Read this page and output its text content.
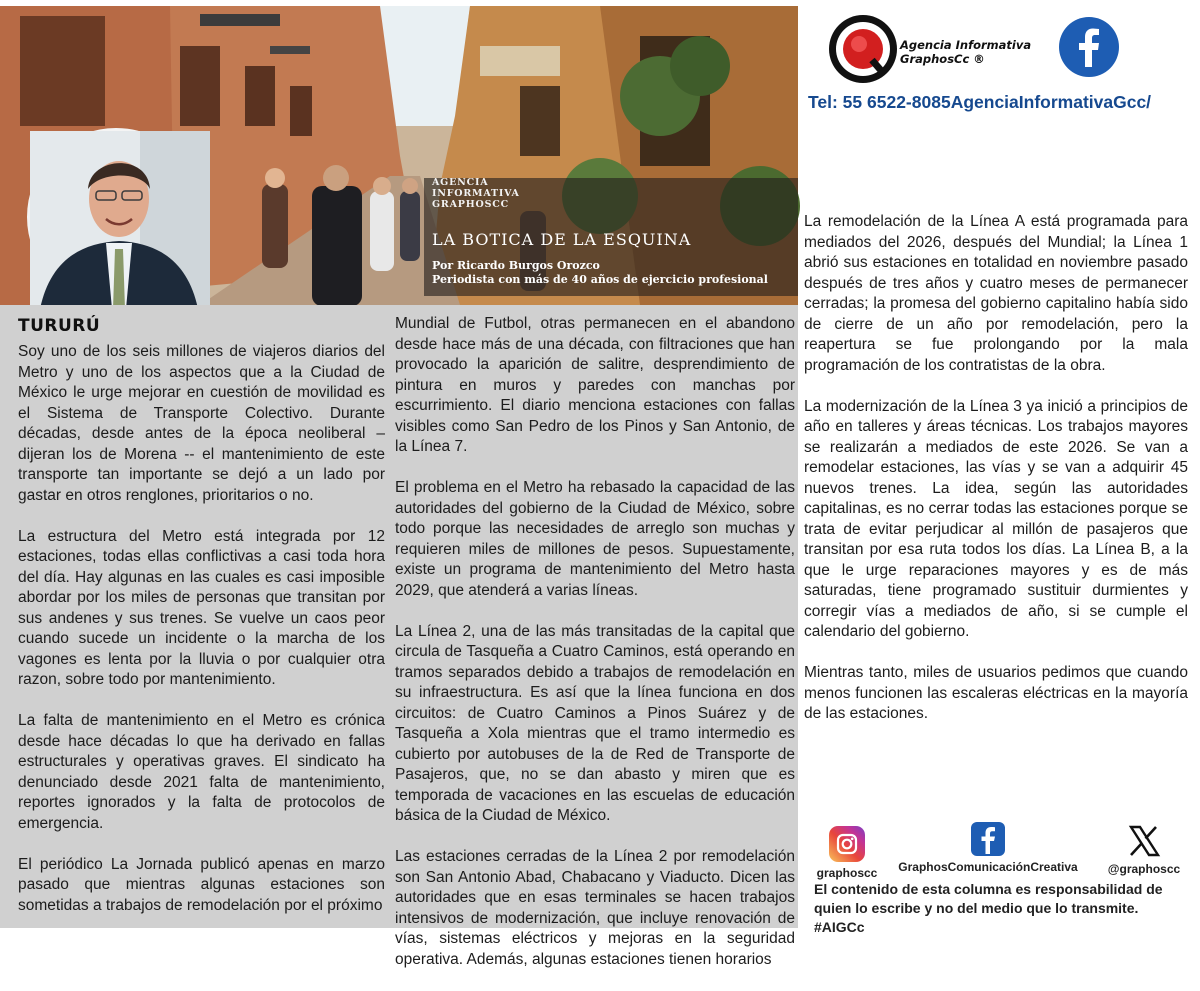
AGENCIA
INFORMATIVA
GRAPHOSCC
LA BOTICA DE LA ESQUINA
Por Ricardo Burgos Orozco
Periodista con más de 40 años de ejercicio profesional
TURURÚ

Soy uno de los seis millones de viajeros diarios del Metro y uno de los aspectos que a la Ciudad de México le urge mejorar en cuestión de movilidad es el Sistema de Transporte Colectivo. Durante décadas, desde antes de la época neoliberal – dijeran los de Morena -- el mantenimiento de este transporte tan importante se dejó a un lado por gastar en otros renglones, prioritarios o no.

La estructura del Metro está integrada por 12 estaciones, todas ellas conflictivas a casi toda hora del día. Hay algunas en las cuales es casi imposible abordar por los miles de personas que transitan por sus andenes y sus trenes. Se vuelve un caos peor cuando sucede un incidente o la marcha de los vagones es lenta por la lluvia o por cualquier otra razon, sobre todo por mantenimiento.

La falta de mantenimiento en el Metro es crónica desde hace décadas lo que ha derivado en fallas estructurales y operativas graves. El sindicato ha denunciado desde 2021 falta de mantenimiento, reportes ignorados y la falta de protocolos de emergencia.

El periódico La Jornada publicó apenas en marzo pasado que mientras algunas estaciones son sometidas a trabajos de remodelación por el próximo

Mundial de Futbol, otras permanecen en el abandono desde hace más de una década, con filtraciones que han provocado la aparición de salitre, desprendimiento de pintura en muros y paredes con manchas por escurrimiento. El diario menciona estaciones con fallas visibles como San Pedro de los Pinos y San Antonio, de la Línea 7.

El problema en el Metro ha rebasado la capacidad de las autoridades del gobierno de la Ciudad de México, sobre todo porque las necesidades de arreglo son muchas y requieren miles de millones de pesos. Supuestamente, existe un programa de mantenimiento del Metro hasta 2029, que atenderá a varias líneas.

La Línea 2, una de las más transitadas de la capital que circula de Tasqueña a Cuatro Caminos, está operando en tramos separados debido a trabajos de remodelación en su infraestructura. Es así que la línea funciona en dos circuitos: de Cuatro Caminos a Pinos Suárez y de Tasqueña a Xola mientras que el tramo intermedio es cubierto por autobuses de la de Red de Transporte de Pasajeros, que, no se dan abasto y miren que es temporada de vacaciones en las escuelas de educación básica de la Ciudad de México.

Las estaciones cerradas de la Línea 2 por remodelación son San Antonio Abad, Chabacano y Viaducto. Dicen las autoridades que en esas terminales se hacen trabajos intensivos de modernización, que incluye renovación de vías, sistemas eléctricos y mejoras en la seguridad operativa. Además, algunas estaciones tienen horarios

Agencia Informativa
GraphosCc ®
Tel: 55 6522-8085AgenciaInformativaGcc/

La remodelación de la Línea A está programada para mediados del 2026, después del Mundial; la Línea 1 abrió sus estaciones en totalidad en noviembre pasado después de tres años y cuatro meses de permanecer cerradas; la promesa del gobierno capitalino había sido de cierre de un año por remodelación, pero la reapertura se fue prolongando por la mala programación de los contratistas de la obra.

La modernización de la Línea 3 ya inició a principios de año en talleres y áreas técnicas. Los trabajos mayores se realizarán a mediados de este 2026. Se van a remodelar estaciones, las vías y se van a adquirir 45 nuevos trenes. La idea, según las autoridades capitalinas, es no cerrar todas las estaciones porque se trata de evitar perjudicar al millón de pasajeros que transitan por esa ruta todos los días. La Línea B, a la que le urge reparaciones mayores y es de más saturadas, tiene programado sustituir durmientes y corregir vías a mediados de año, si se cumple el calendario del gobierno.

Mientras tanto, miles de usuarios pedimos que cuando menos funcionen las escaleras eléctricas en la mayoría de las estaciones.

graphoscc	GraphosComunicaciónCreativa	@graphoscc
El contenido de esta columna es responsabilidad de quien lo escribe y no del medio que lo transmite. #AIGCc
